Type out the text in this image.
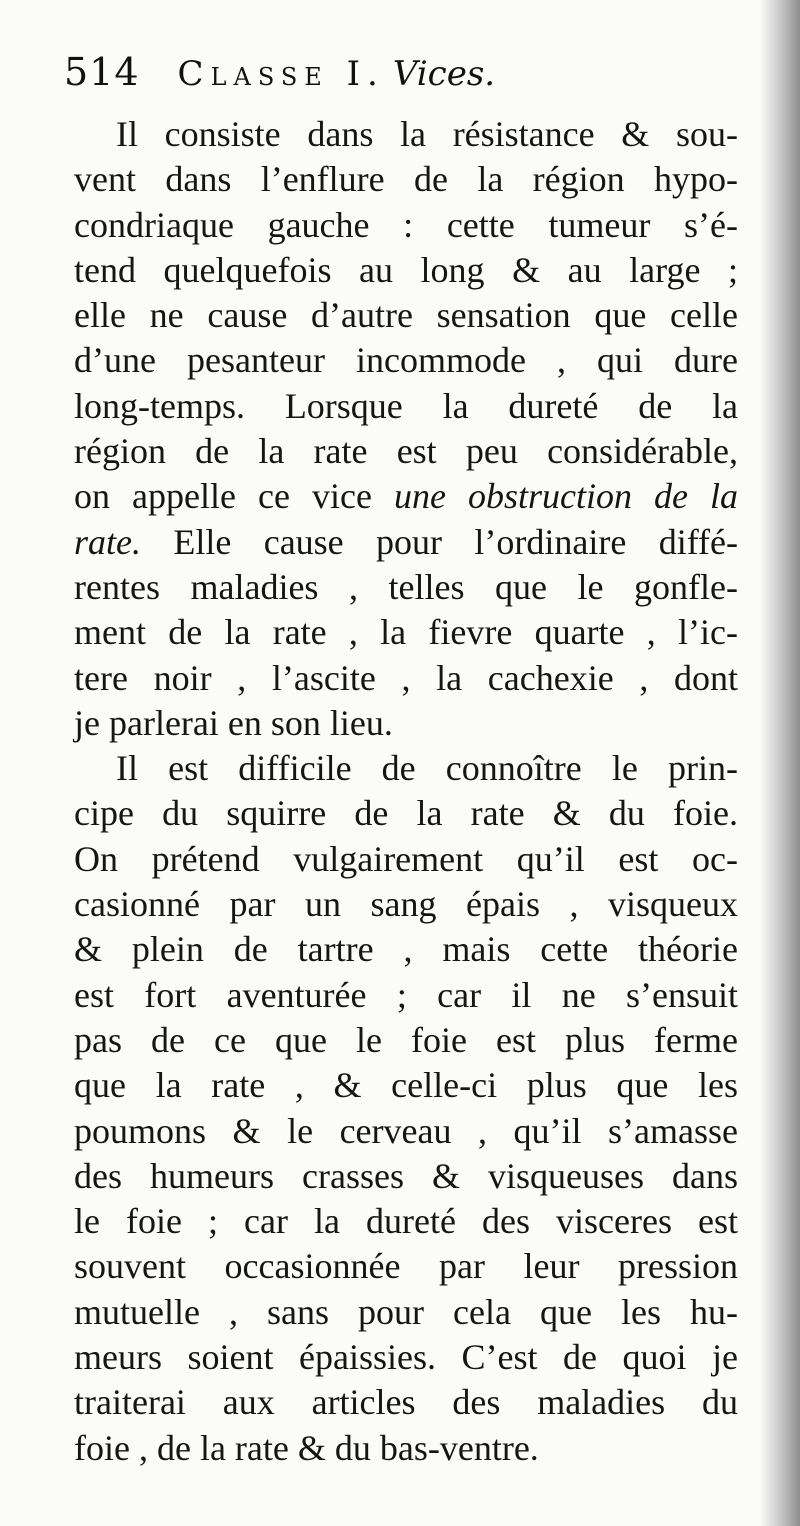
514 Classe I. Vices.
Il consiste dans la résistance & sou-
vent dans l’enflure de la région hypo-
condriaque gauche : cette tumeur s’é-
tend quelquefois au long & au large ;
elle ne cause d’autre sensation que celle
d’une pesanteur incommode , qui dure
long-temps. Lorsque la dureté de la
région de la rate est peu considérable,
on appelle ce vice une obstruction de la
rate. Elle cause pour l’ordinaire diffé-
rentes maladies , telles que le gonfle-
ment de la rate , la fievre quarte , l’ic-
tere noir , l’ascite , la cachexie , dont
je parlerai en son lieu.
Il est difficile de connoître le prin-
cipe du squirre de la rate & du foie.
On prétend vulgairement qu’il est oc-
casionné par un sang épais , visqueux
& plein de tartre , mais cette théorie
est fort aventurée ; car il ne s’ensuit
pas de ce que le foie est plus ferme
que la rate , & celle-ci plus que les
poumons & le cerveau , qu’il s’amasse
des humeurs crasses & visqueuses dans
le foie ; car la dureté des visceres est
souvent occasionnée par leur pression
mutuelle , sans pour cela que les hu-
meurs soient épaissies. C’est de quoi je
traiterai aux articles des maladies du
foie , de la rate & du bas-ventre.
